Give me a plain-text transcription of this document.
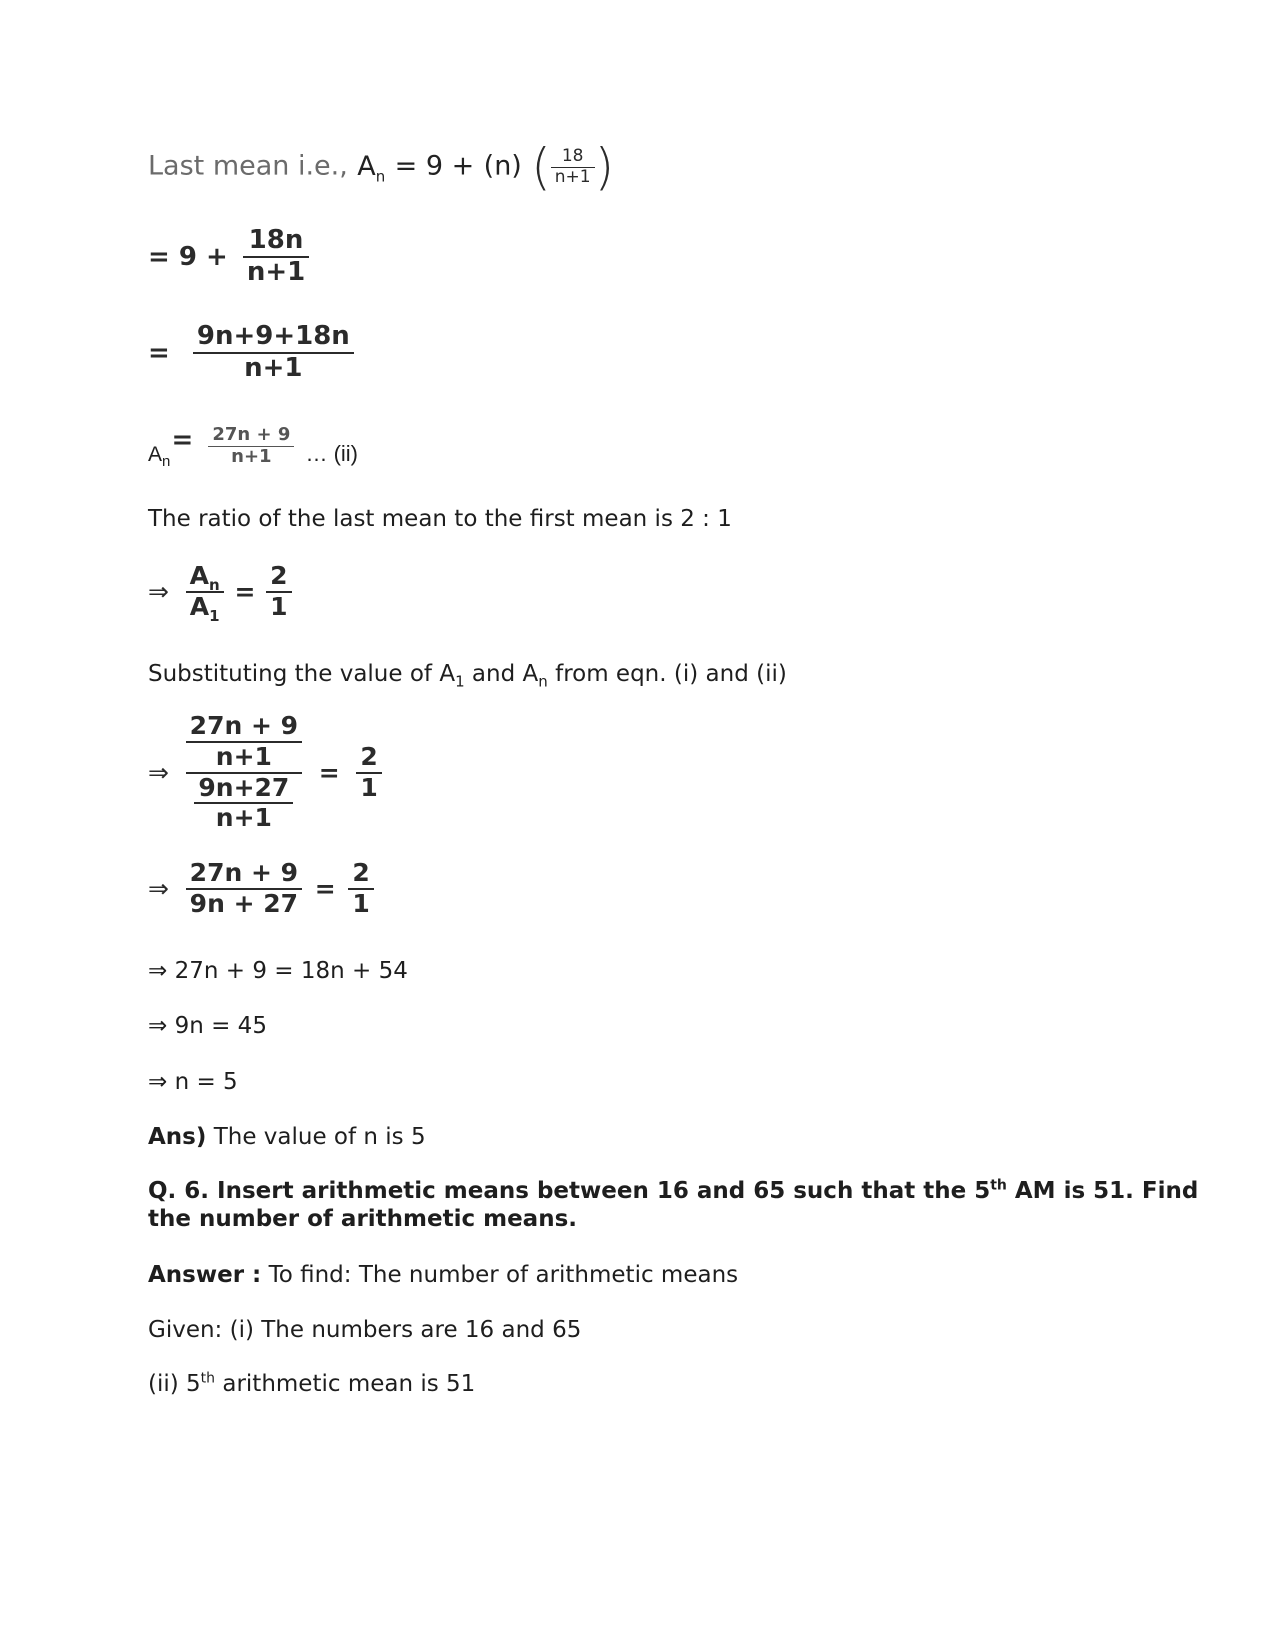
Last mean i.e., $A_n = 9 + (n)$ ( $\frac{18}{n+1}$ )
= $9 + \frac{18n}{n+1}$
= $\frac{9n+9+18n}{n+1}$
$A_n = \frac{27n + 9}{n+1}$ … (ii)
The ratio of the last mean to the first mean is 2 : 1
⇒ $\frac{A_n}{A_1} = \frac{2}{1}$
Substituting the value of $A_1$ and $A_n$ from eqn. (i) and (ii)
⇒ $\frac{\frac{27n + 9}{n+1}}{\frac{9n+27}{n+1}} = \frac{2}{1}$
⇒ $\frac{27n + 9}{9n + 27} = \frac{2}{1}$
⇒ 27n + 9 = 18n + 54
⇒ 9n = 45
⇒ n = 5
Ans) The value of n is 5
Q. 6. Insert arithmetic means between 16 and 65 such that the 5th AM is 51. Find
the number of arithmetic means.
Answer : To find: The number of arithmetic means
Given: (i) The numbers are 16 and 65
(ii) 5th arithmetic mean is 51
